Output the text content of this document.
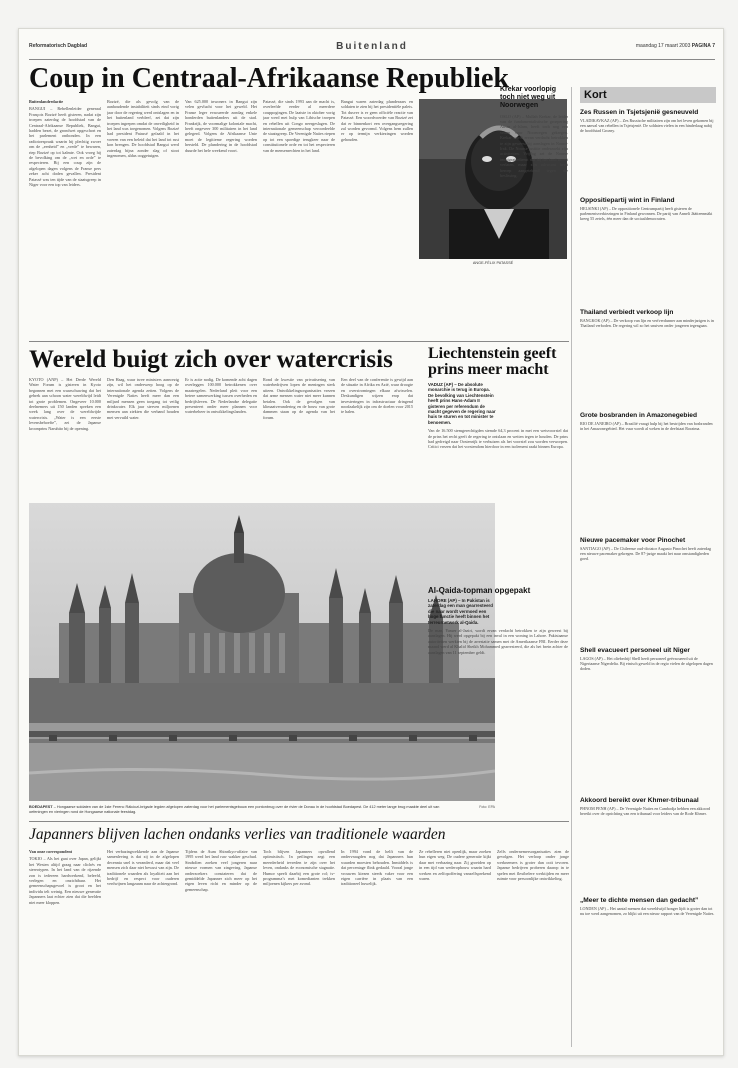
Reformatorisch Dagblad	Buitenland	maandag 17 maart 2003 PAGINA 7
Coup in Centraal-Afrikaanse Republiek

Buitenlandredactie

BANGUI – Rebellenleider generaal François Bozizé heeft gisteren, nadat zijn troepen zaterdag de hoofdstad van de Centraal-Afrikaanse Republiek, Bangui, hadden bezet, de grondwet opgeschort en het parlement ontbonden. In een radiotoespraak waarin hij plechtig zwoer om de „eenheid” en „vrede” te bewaren, riep Bozizé op tot kalmte. Ook vroeg hij de bevolking om de „wet en orde” te respecteren. Bij een coup zijn de afgelopen dagen volgens de Franse pers zeker acht doden gevallen. President Patassé was ten tijde van de staatsgreep in Niger voor een top van leiders.

Bozizé, die als gevolg van de aanhoudende instabiliteit sinds eind vorig jaar door de regering werd ontslagen en in het buitenland verbleef, zei dat zijn troepen ingrepen omdat de onveiligheid in het land was toegenomen. Volgens Bozizé had president Patassé gefaald in het voeren van een beleid dat het land tot rust kon brengen. De hoofdstad Bangui werd zaterdag bijna zonder slag of stoot ingenomen, aldus ooggetuigen.
Van 625.000 inwoners in Bangui zijn velen gevlucht voor het geweld. Het Franse leger evacueerde zondag enkele honderden buitenlanders uit de stad. Frankrijk, de voormalige koloniale macht, heeft ongeveer 300 militairen in het land gelegerd. Volgens de Afrikaanse Unie moet de legitieme regering worden hersteld. De plundering in de hoofdstad duurde het hele weekend voort.
Patassé, die sinds 1993 aan de macht is, overleefde eerder al meerdere couppogingen. De laatste in oktober vorig jaar werd met hulp van Libische troepen en rebellen uit Congo neergeslagen. De internationale gemeenschap veroordeelde de staatsgreep. De Verenigde Naties riepen op tot een spoedige terugkeer naar de constitutionele orde en tot het respecteren van de mensenrechten in het land.
Bangui waren zaterdag plunderaars en soldaten te zien bij het presidentiële paleis. Tot dusver is er geen officiële reactie van Patassé. Een woordvoerder van Bozizé zei dat er binnenkort een overgangsregering zal worden gevormd. Volgens hem zullen er op termijn verkiezingen worden gehouden.
ANGE-FÉLIX PATASSÉ
Wereld buigt zich over watercrisis
KYOTO (ANP) – Het Derde Wereld Water Forum is gisteren in Kyoto begonnen met een waarschuwing dat het gebrek aan schoon water wereldwijd leidt tot grote problemen. Ongeveer 10.000 deelnemers uit 150 landen spreken een week lang over de wereldwijde watercrisis. „Water is een eerste levensbehoefte”, zei de Japanse kroonprins Naruhito bij de opening.
Den Haag, waar twee ministers aanwezig zijn, wil het onderwerp hoog op de internationale agenda zetten. Volgens de Verenigde Naties heeft meer dan een miljard mensen geen toegang tot veilig drinkwater. Elk jaar sterven miljoenen mensen aan ziekten die verband houden met vervuild water.
Er is actie nodig. De komende acht dagen overleggen 100.000 betrokkenen over maatregelen. Nederland pleit voor een betere samenwerking tussen overheden en bedrijfsleven. De Nederlandse delegatie presenteert onder meer plannen voor waterbeheer in ontwikkelingslanden.
Rond de kwestie van privatisering van waterbedrijven lopen de meningen sterk uiteen. Ontwikkelingsorganisaties vrezen dat arme mensen water niet meer kunnen betalen. Ook de gevolgen van klimaatverandering en de bouw van grote dammen staan op de agenda van het forum.
Een deel van de conferentie is gewijd aan de situatie in Afrika en Azië, waar droogte en overstromingen elkaar afwisselen. Deskundigen wijzen erop dat investeringen in infrastructuur dringend noodzakelijk zijn om de doelen voor 2015 te halen.
BOEDAPEST – Hongaarse soldaten van de 1ste Ferenc Rákóczi-brigade legden afgelopen zaterdag voor het parlementsgebouw een pontonbrug over de rivier de Donau in de hoofdstad Boedapest. De 412 meter lange brug maakte deel uit van oefeningen en vieringen rond de Hongaarse nationale feestdag.
Foto: EPA
Japanners blijven lachen ondanks verlies van traditionele waarden

Van onze correspondent

TOKIO – Als het gaat over Japan, gelijkt het Westen altijd graag naar clichés en stereotypen. In het land van de rijzende zon is iedereen hardwerkend, beleefd, verlegen en onzichtbaar. Het gemeenschapsgevoel is groot en het individu telt weinig. Een nieuwe generatie Japanners laat echter zien dat die beelden niet meer kloppen.

Het verbazingwekkende aan de Japanse samenleving is dat zij in de afgelopen decennia snel is veranderd, maar dat veel mensen zich daar niet bewust van zijn. De traditionele waarden als loyaliteit aan het bedrijf en respect voor ouderen verdwijnen langzaam naar de achtergrond.
Tijdens de Aum Shinrikyo-affaire van 1995 werd het land ruw wakker geschud. Sindsdien zoeken veel jongeren naar nieuwe vormen van zingeving. Japanse onderzoekers constateren dat de gemiddelde Japanner zich meer op het eigen leven richt en minder op de gemeenschap.
Toch blijven Japanners opvallend optimistisch. In peilingen zegt een meerderheid tevreden te zijn over het leven, ondanks de economische stagnatie. Humor speelt daarbij een grote rol; tv-programma’s met komedianten trekken miljoenen kijkers per avond.
In 1994 vond de helft van de ondervraagden nog dat Japanners hun waarden moesten behouden. Inmiddels is dat percentage flink gedaald. Vooral jonge vrouwen kiezen steeds vaker voor een eigen carrière in plaats van een traditioneel huwelijk.
Ze rebelleren niet openlijk, maar zoeken hun eigen weg. De oudere generatie kijkt daar met verbazing naar. Zij groeiden op in een tijd van wederopbouw waarin hard werken en zelfopoffering vanzelfsprekend waren.
Zelfs ondernemersorganisaties zien de gevolgen. Het verloop onder jonge werknemers is groter dan ooit tevoren. Japanse bedrijven proberen daarop in te spelen met flexibelere werktijden en meer ruimte voor persoonlijke ontwikkeling.
Kort
Zes Russen in Tsjetsjenië gesneuveld
VLADIKAVKAZ (AP) – Zes Russische militairen zijn om het leven gekomen bij een aanval van rebellen in Tsjetsjenië. De soldaten vielen in een hinderlaag nabij de hoofdstad Grozny.
Oppositiepartij wint in Finland
HELSINKI (AP) – De oppositionele Centrumpartij heeft gisteren de parlementsverkiezingen in Finland gewonnen. De partij van Anneli Jäätteenmäki kreeg 55 zetels, één meer dan de sociaaldemocraten.
Thailand verbiedt verkoop lijn
BANGKOK (AP) – De verkoop van lijn en verfverdunner aan minderjarigen is in Thailand verboden. De regering wil zo het snuiven onder jongeren tegengaan.
Grote bosbranden in Amazonegebied
RIO DE JANEIRO (AP) – Brazilië vraagt hulp bij het bestrijden van bosbranden in het Amazonegebied. Het vuur woedt al weken in de deelstaat Roraima.
Nieuwe pacemaker voor Pinochet
SANTIAGO (AP) – De Chileense oud-dictator Augusto Pinochet heeft zaterdag een nieuwe pacemaker gekregen. De 87-jarige maakt het naar omstandigheden goed.
Shell evacueert personeel uit Niger
LAGOS (AP) – Het oliebedrijf Shell heeft personeel geëvacueerd uit de Nigeriaanse Nigerdelta. Bij etnisch geweld in de regio vielen de afgelopen dagen doden.
Akkoord bereikt over Khmer-tribunaal
PHNOM PENH (AP) – De Verenigde Naties en Cambodja hebben een akkoord bereikt over de oprichting van een tribunaal voor leiders van de Rode Khmer.
„Meer te dichte mensen dan gedacht”
LONDEN (AP) – Het aantal mensen dat wereldwijd honger lijdt is groter dan tot nu toe werd aangenomen, zo blijkt uit een nieuw rapport van de Verenigde Naties.
Krekar voorlopig toch niet weg uit Noorwegen
OSLO (AP) – Mullah Krekar, de leider van de fundamentalistische groepering Ansar al-Islam, heeft toch nog een visum voor Noorwegen gekregen. Krekar wordt ervan verdacht betrokken te zijn geweest bij aanslagen in Noord-Irak. De Noorse justitie onderzoekt zijn activiteiten. Vrijdag zei de Noorse immigratiedienst dat hij het land moest verlaten, maar zijn advocaat heeft beroep aangetekend tegen die beslissing.
Liechtenstein geeft prins meer macht
VADUZ (AP) – De absolute monarchie is terug in Europa. De bevolking van Liechtenstein heeft prins Hans-Adam II gisteren per referendum de macht gegeven de regering naar huis te sturen en tot minister te benoemen.
Van de 16.500 stemgerechtigden stemde 64,3 procent in met een wetsvoorstel dat de prins het recht geeft de regering te ontslaan en wetten tegen te houden. De prins had gedreigd naar Oostenrijk te verhuizen als het voorstel zou worden verworpen. Critici vrezen dat het vorstendom hierdoor in een isolement raakt binnen Europa.
Al-Qaida-topman opgepakt
LAHORE (AP) – In Pakistan is zaterdag een man gearresteerd die naar wordt vermoed een hoge functie heeft binnen het terreurnetwerk al-Qaida.
De man, Yasser al-Jaziri, wordt ervan verdacht betrokken te zijn geweest bij aanslagen. Hij werd opgepakt bij een inval in een woning in Lahore. Pakistaanse autoriteiten werkten bij de arrestatie samen met de Amerikaanse FBI. Eerder deze maand werd al Khalid Sheikh Mohammed gearresteerd, die als het brein achter de aanslagen van 11 september geldt.
